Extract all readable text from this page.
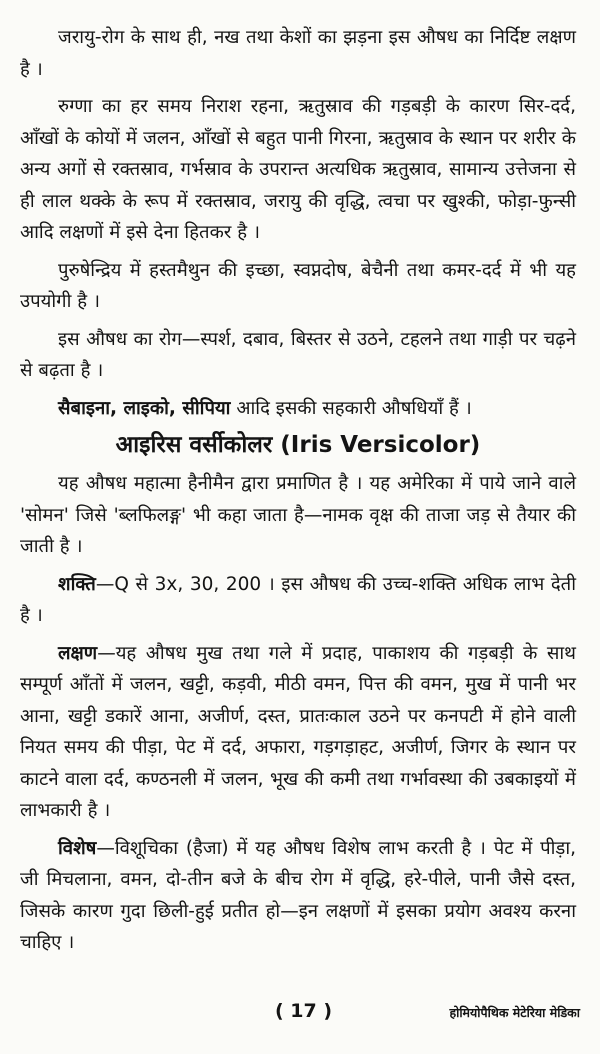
जरायु-रोग के साथ ही, नख तथा केशों का झड़ना इस औषध का निर्दिष्ट लक्षण है ।

रुग्णा का हर समय निराश रहना, ऋतुस्राव की गड़बड़ी के कारण सिर-दर्द, आँखों के कोयों में जलन, आँखों से बहुत पानी गिरना, ऋतुस्राव के स्थान पर शरीर के अन्य अगों से रक्तस्राव, गर्भस्राव के उपरान्त अत्यधिक ऋतुस्राव, सामान्य उत्तेजना से ही लाल थक्के के रूप में रक्तस्राव, जरायु की वृद्धि, त्वचा पर खुश्की, फोड़ा-फुन्सी आदि लक्षणों में इसे देना हितकर है ।

पुरुषेन्द्रिय में हस्तमैथुन की इच्छा, स्वप्नदोष, बेचैनी तथा कमर-दर्द में भी यह उपयोगी है ।

इस औषध का रोग—स्पर्श, दबाव, बिस्तर से उठने, टहलने तथा गाड़ी पर चढ़ने से बढ़ता है ।

सैबाइना, लाइको, सीपिया आदि इसकी सहकारी औषधियाँ हैं ।

आइरिस वर्सीकोलर (Iris Versicolor)

यह औषध महात्मा हैनीमैन द्वारा प्रमाणित है । यह अमेरिका में पाये जाने वाले 'सोमन' जिसे 'ब्लफिलङ्ग' भी कहा जाता है—नामक वृक्ष की ताजा जड़ से तैयार की जाती है ।

शक्ति—Q से 3x, 30, 200 । इस औषध की उच्च-शक्ति अधिक लाभ देती है ।

लक्षण—यह औषध मुख तथा गले में प्रदाह, पाकाशय की गड़बड़ी के साथ सम्पूर्ण आँतों में जलन, खट्टी, कड़वी, मीठी वमन, पित्त की वमन, मुख में पानी भर आना, खट्टी डकारें आना, अजीर्ण, दस्त, प्रातःकाल उठने पर कनपटी में होने वाली नियत समय की पीड़ा, पेट में दर्द, अफारा, गड़गड़ाहट, अजीर्ण, जिगर के स्थान पर काटने वाला दर्द, कण्ठनली में जलन, भूख की कमी तथा गर्भावस्था की उबकाइयों में लाभकारी है ।

विशेष—विशूचिका (हैजा) में यह औषध विशेष लाभ करती है । पेट में पीड़ा, जी मिचलाना, वमन, दो-तीन बजे के बीच रोग में वृद्धि, हरे-पीले, पानी जैसे दस्त, जिसके कारण गुदा छिली-हुई प्रतीत हो—इन लक्षणों में इसका प्रयोग अवश्य करना चाहिए ।

( 17 )	होमियोपैथिक मेटेरिया मेडिका
